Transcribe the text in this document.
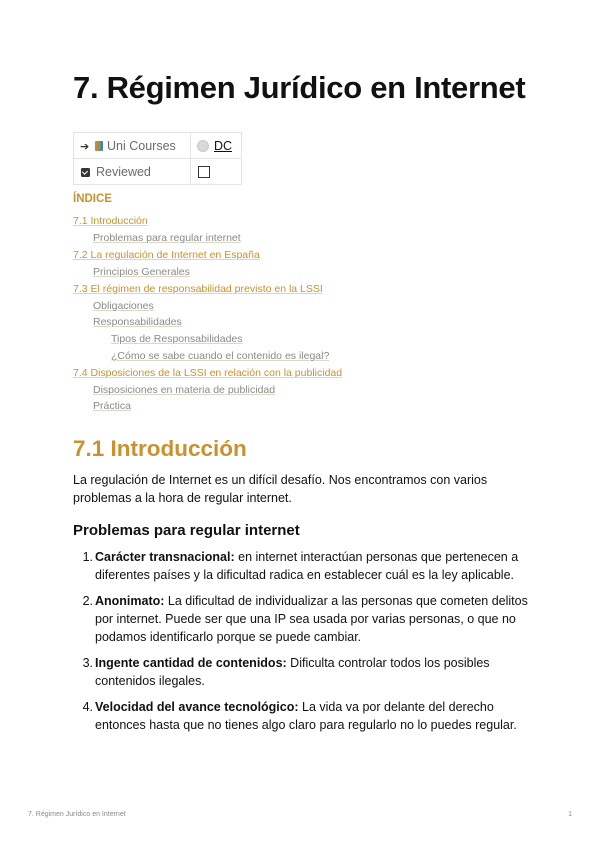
7. Régimen Jurídico en Internet
➔ Uni Courses	DC
Reviewed	
ÍNDICE
7.1 Introducción
Problemas para regular internet
7.2 La regulación de Internet en España
Principios Generales
7.3 El régimen de responsabilidad previsto en la LSSI
Obligaciones
Responsabilidades
Tipos de Responsabilidades
¿Cómo se sabe cuando el contenido es ilegal?
7.4 Disposiciones de la LSSI en relación con la publicidad
Disposiciones en materia de publicidad
Práctica
7.1 Introducción

La regulación de Internet es un difícil desafío. Nos encontramos con varios problemas a la hora de regular internet.

Problemas para regular internet
1. Carácter transnacional: en internet interactúan personas que pertenecen a diferentes países y la dificultad radica en establecer cuál es la ley aplicable.
2. Anonimato: La dificultad de individualizar a las personas que cometen delitos por internet. Puede ser que una IP sea usada por varias personas, o que no podamos identificarlo porque se puede cambiar.
3. Ingente cantidad de contenidos: Dificulta controlar todos los posibles contenidos ilegales.
4. Velocidad del avance tecnológico: La vida va por delante del derecho entonces hasta que no tienes algo claro para regularlo no lo puedes regular.
7. Régimen Jurídico en Internet	1
